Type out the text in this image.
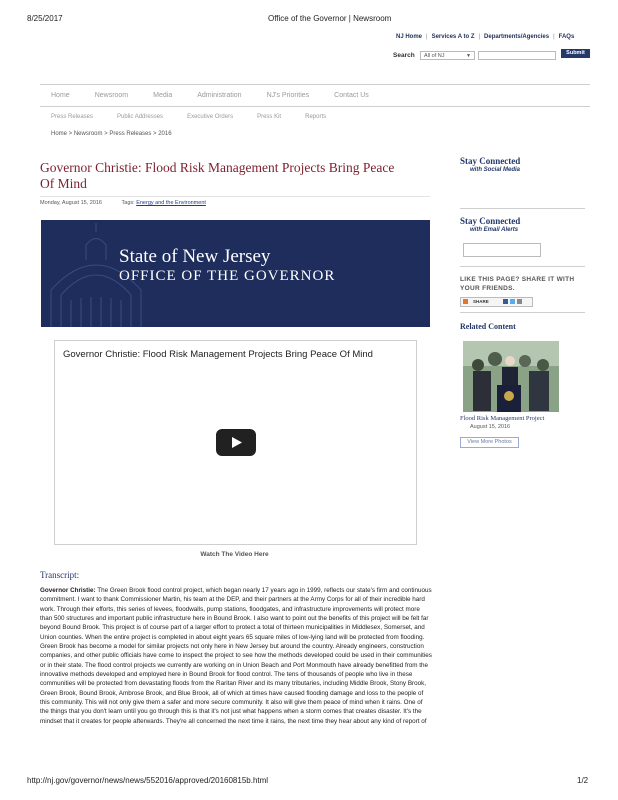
8/25/2017	Office of the Governor | Newsroom
NJ Home | Services A to Z | Departments/Agencies | FAQs
Search	All of NJ	▼	Submit
Home	Newsroom	Media	Administration	NJ's Priorities	Contact Us
Press Releases	Public Addresses	Executive Orders	Press Kit	Reports
Home > Newsroom > Press Releases > 2016
Governor Christie: Flood Risk Management Projects Bring Peace Of Mind
Monday, August 15, 2016	Tags: Energy and the Environment
State of New Jersey
OFFICE OF THE GOVERNOR
Governor Christie: Flood Risk Management Projects Bring Peace Of Mind
Watch The Video Here
Transcript:
Governor Christie: The Green Brook flood control project, which began nearly 17 years ago in 1999, reflects our state's firm and continuous commitment. I want to thank Commissioner Martin, his team at the DEP, and their partners at the Army Corps for all of their incredible hard work. Through their efforts, this series of levees, floodwalls, pump stations, floodgates, and infrastructure improvements will protect more than 500 structures and important public infrastructure here in Bound Brook. I also want to point out the benefits of this project will be felt far beyond Bound Brook. This project is of course part of a larger effort to protect a total of thirteen municipalities in Middlesex, Somerset, and Union counties. When the entire project is completed in about eight years 65 square miles of low-lying land will be protected from flooding. Green Brook has become a model for similar projects not only here in New Jersey but around the country. Already engineers, construction companies, and other public officials have come to inspect the project to see how the methods developed could be used in their communities or in their state. The flood control projects we currently are working on in Union Beach and Port Monmouth have already benefitted from the innovative methods developed and employed here in Bound Brook for flood control. The tens of thousands of people who live in these communities will be protected from devastating floods from the Raritan River and its many tributaries, including Middle Brook, Stony Brook, Green Brook, Bound Brook, Ambrose Brook, and Blue Brook, all of which at times have caused flooding damage and loss to the people of this community. This will not only give them a safer and more secure community. It also will give them peace of mind when it rains. One of the things that you don't learn until you go through this is that it's not just what happens when a storm comes that creates disaster. It's the mindset that it creates for people afterwards. They're all concerned the next time it rains, the next time they hear about any kind of report of
Stay Connected
with Social Media
Stay Connected
with Email Alerts
LIKE THIS PAGE? SHARE IT WITH YOUR FRIENDS.
SHARE
Related Content
Flood Risk Management Project
August 15, 2016
View More Photos
http://nj.gov/governor/news/news/552016/approved/20160815b.html	1/2
